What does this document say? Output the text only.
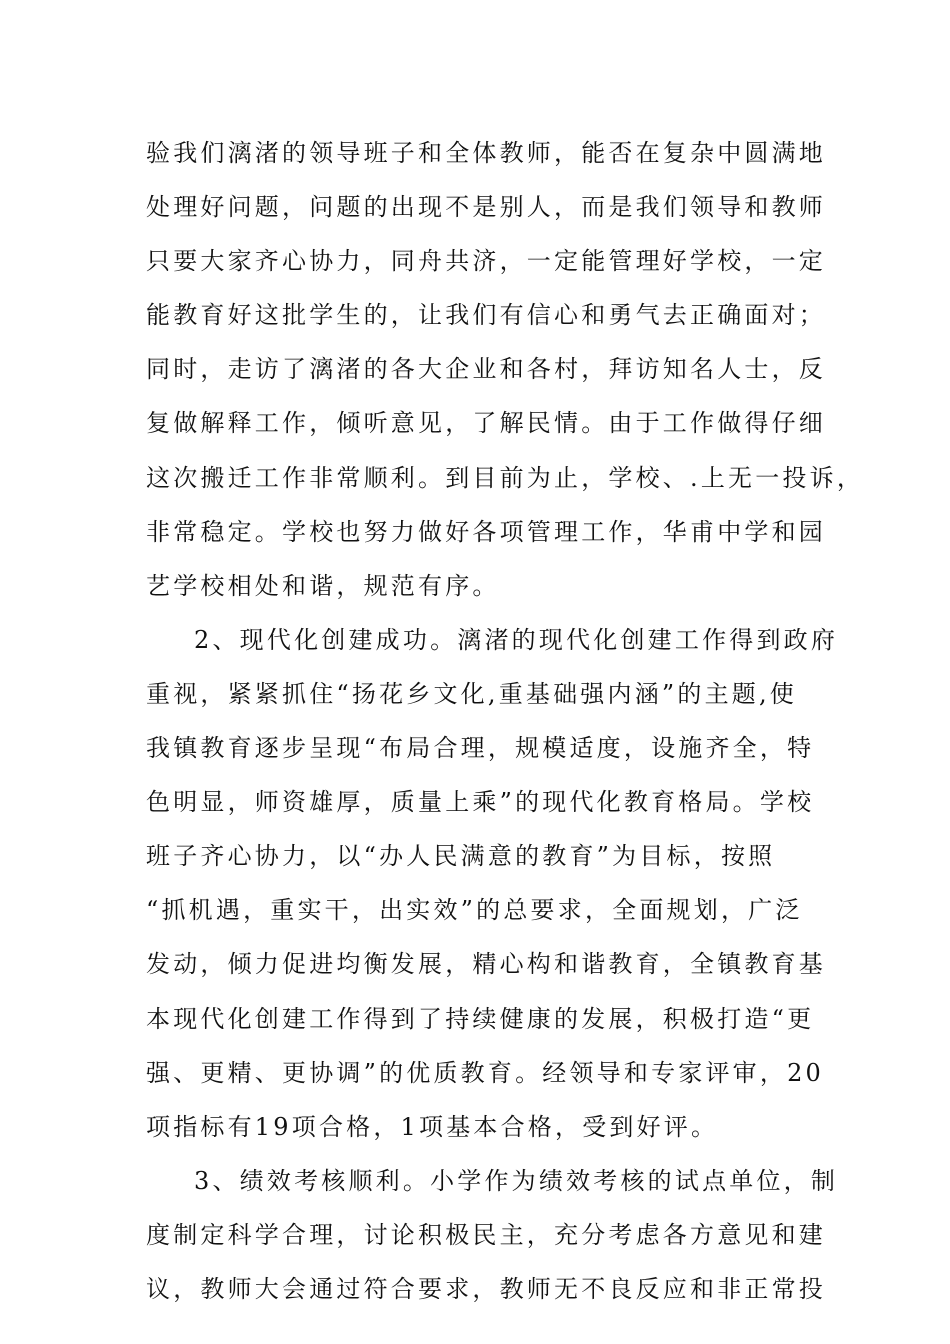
验我们漓渚的领导班子和全体教师，能否在复杂中圆满地
处理好问题，问题的出现不是别人，而是我们领导和教师
只要大家齐心协力，同舟共济，一定能管理好学校，一定
能教育好这批学生的，让我们有信心和勇气去正确面对；
同时，走访了漓渚的各大企业和各村，拜访知名人士，反
复做解释工作，倾听意见，了解民情。由于工作做得仔细
这次搬迁工作非常顺利。到目前为止，学校、.上无一投诉，
非常稳定。学校也努力做好各项管理工作，华甫中学和园
艺学校相处和谐，规范有序。
2、现代化创建成功。漓渚的现代化创建工作得到政府
重视，紧紧抓住“扬花乡文化,重基础强内涵”的主题,使
我镇教育逐步呈现“布局合理，规模适度，设施齐全，特
色明显，师资雄厚，质量上乘”的现代化教育格局。学校
班子齐心协力，以“办人民满意的教育”为目标，按照
“抓机遇，重实干，出实效”的总要求，全面规划，广泛
发动，倾力促进均衡发展，精心构和谐教育，全镇教育基
本现代化创建工作得到了持续健康的发展，积极打造“更
强、更精、更协调”的优质教育。经领导和专家评审，20
项指标有19项合格，1项基本合格，受到好评。
3、绩效考核顺利。小学作为绩效考核的试点单位，制
度制定科学合理，讨论积极民主，充分考虑各方意见和建
议，教师大会通过符合要求，教师无不良反应和非正常投
